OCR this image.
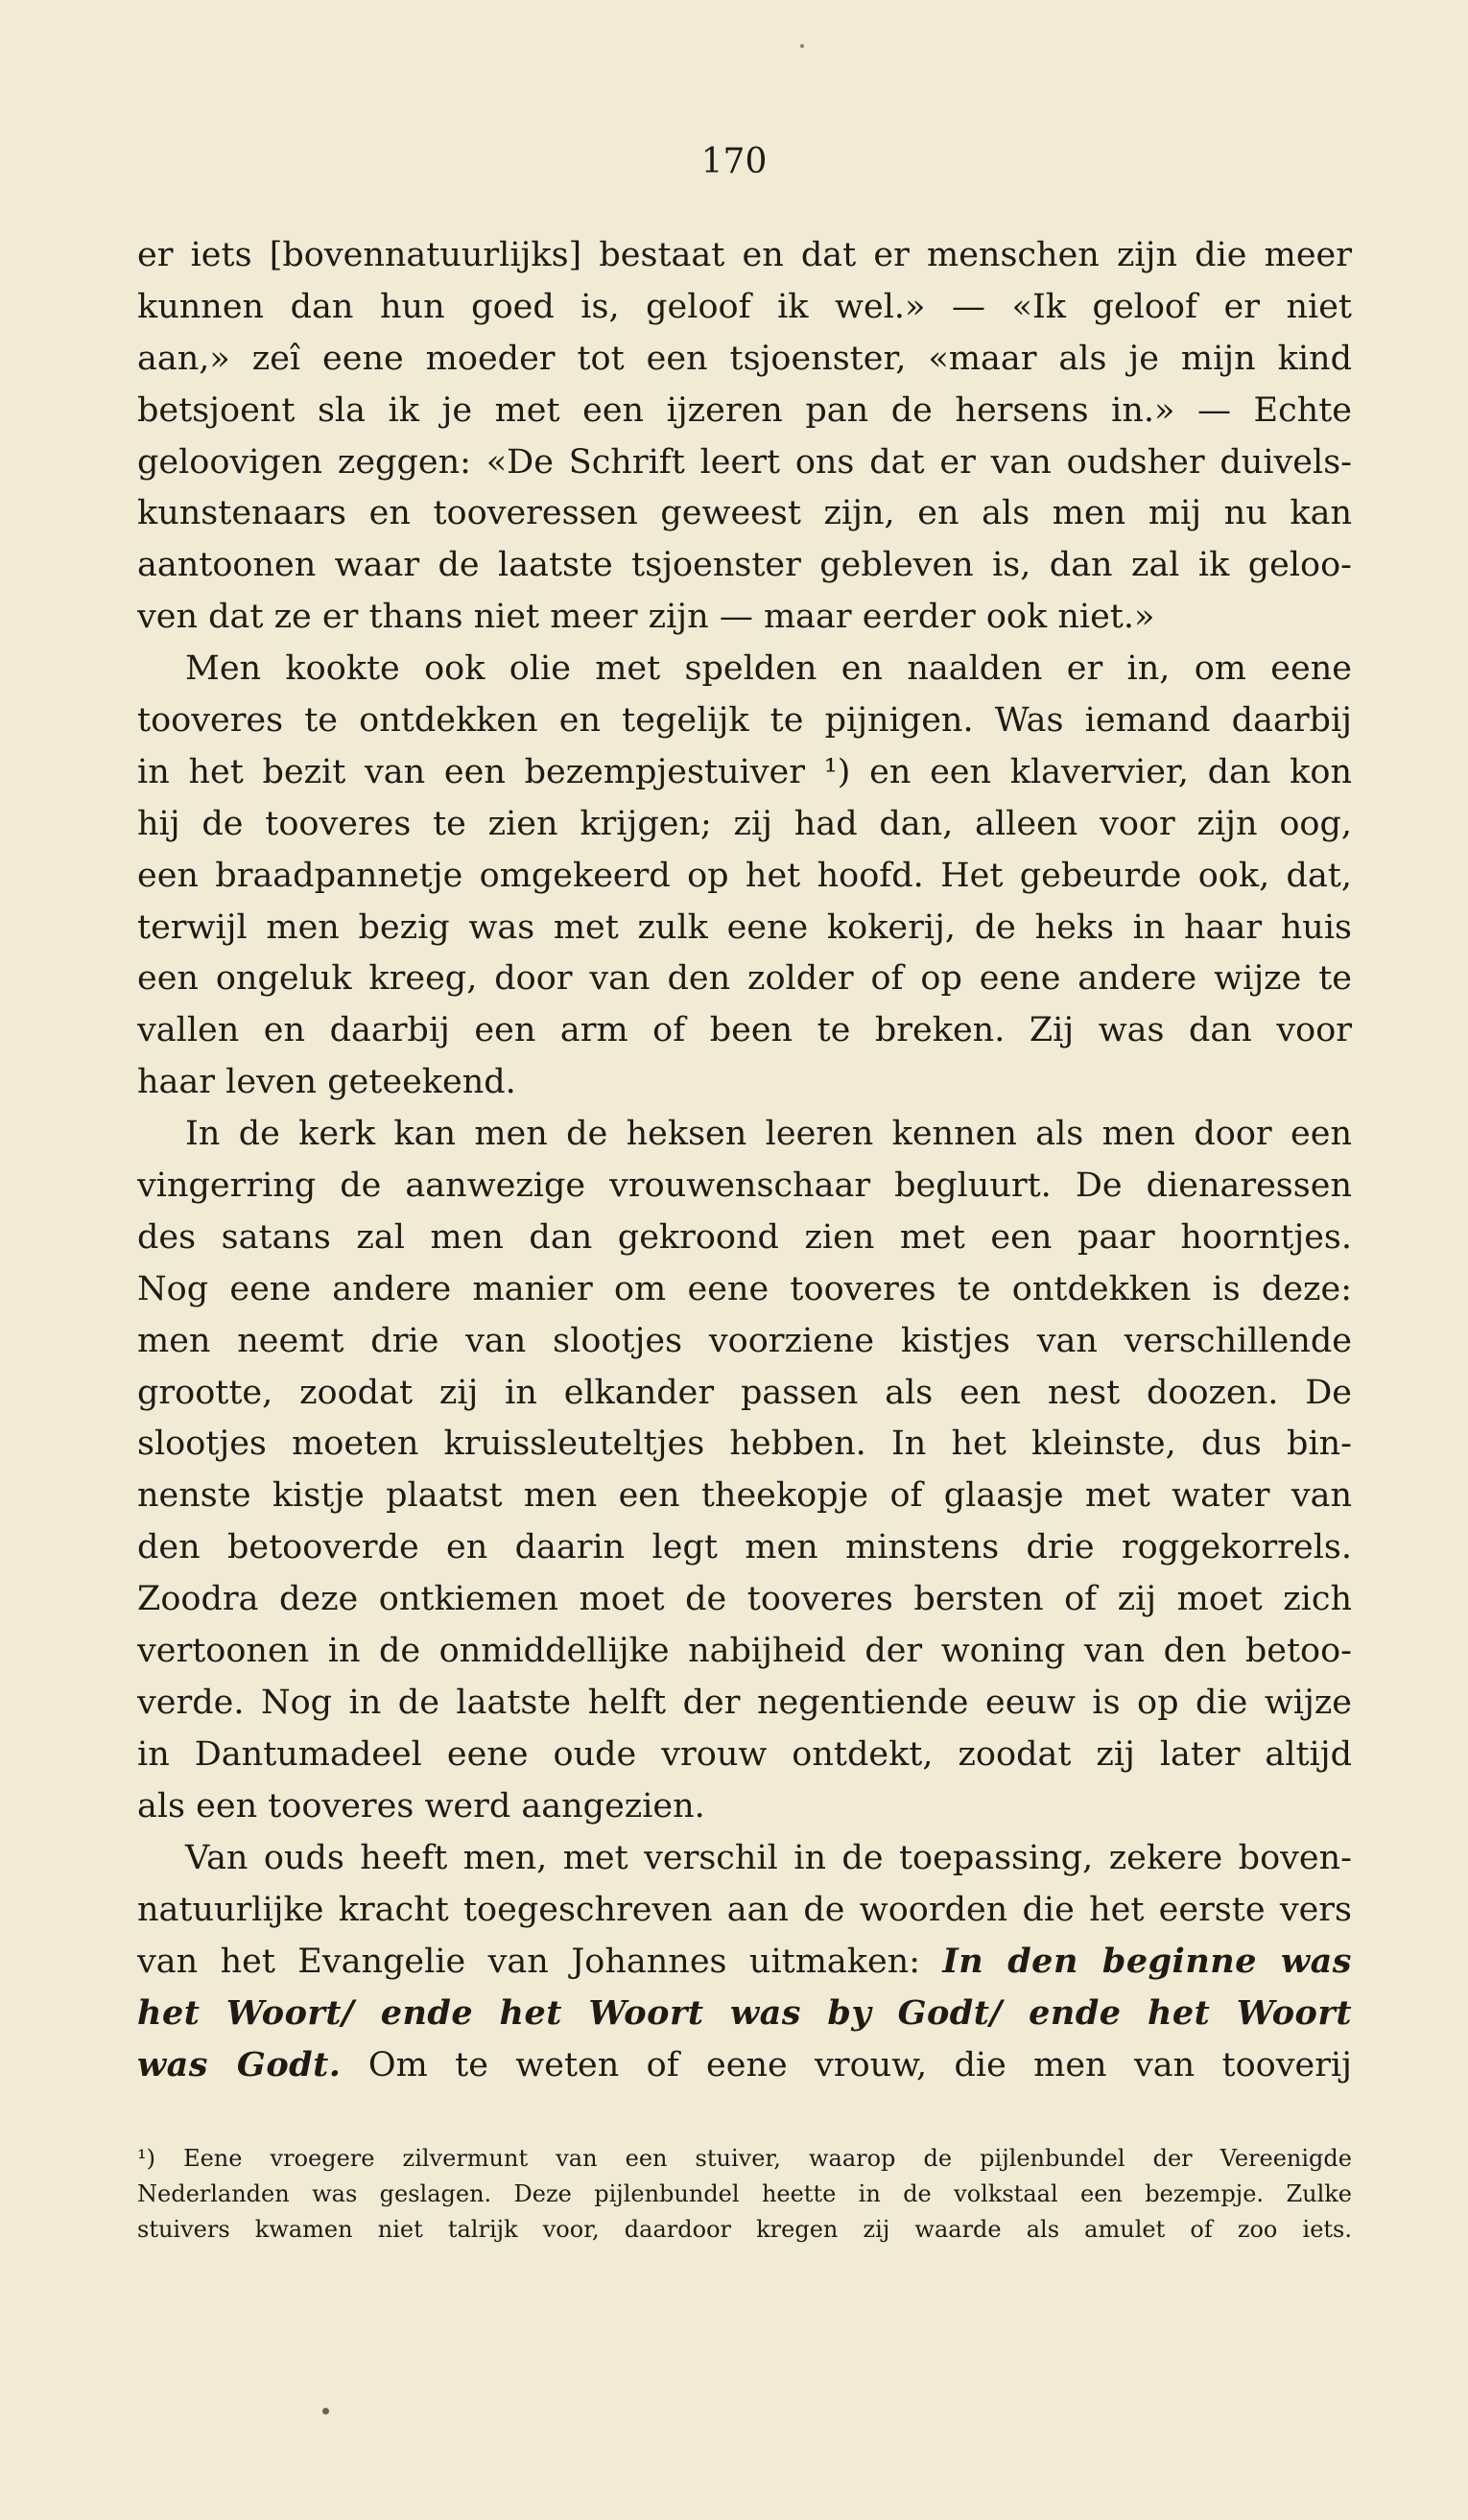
170
er iets [bovennatuurlijks] bestaat en dat er menschen zijn die meer
kunnen dan hun goed is, geloof ik wel.» — «Ik geloof er niet
aan,» zeî eene moeder tot een tsjoenster, «maar als je mijn kind
betsjoent sla ik je met een ijzeren pan de hersens in.» — Echte
geloovigen zeggen: «De Schrift leert ons dat er van oudsher duivels-
kunstenaars en tooveressen geweest zijn, en als men mij nu kan
aantoonen waar de laatste tsjoenster gebleven is, dan zal ik geloo-
ven dat ze er thans niet meer zijn — maar eerder ook niet.»
Men kookte ook olie met spelden en naalden er in, om eene
tooveres te ontdekken en tegelijk te pijnigen. Was iemand daarbij
in het bezit van een bezempjestuiver ¹) en een klavervier, dan kon
hij de tooveres te zien krijgen; zij had dan, alleen voor zijn oog,
een braadpannetje omgekeerd op het hoofd. Het gebeurde ook, dat,
terwijl men bezig was met zulk eene kokerij, de heks in haar huis
een ongeluk kreeg, door van den zolder of op eene andere wijze te
vallen en daarbij een arm of been te breken. Zij was dan voor
haar leven geteekend.
In de kerk kan men de heksen leeren kennen als men door een
vingerring de aanwezige vrouwenschaar begluurt. De dienaressen
des satans zal men dan gekroond zien met een paar hoorntjes.
Nog eene andere manier om eene tooveres te ontdekken is deze:
men neemt drie van slootjes voorziene kistjes van verschillende
grootte, zoodat zij in elkander passen als een nest doozen. De
slootjes moeten kruissleuteltjes hebben. In het kleinste, dus bin-
nenste kistje plaatst men een theekopje of glaasje met water van
den betooverde en daarin legt men minstens drie roggekorrels.
Zoodra deze ontkiemen moet de tooveres bersten of zij moet zich
vertoonen in de onmiddellijke nabijheid der woning van den betoo-
verde. Nog in de laatste helft der negentiende eeuw is op die wijze
in Dantumadeel eene oude vrouw ontdekt, zoodat zij later altijd
als een tooveres werd aangezien.
Van ouds heeft men, met verschil in de toepassing, zekere boven-
natuurlijke kracht toegeschreven aan de woorden die het eerste vers
van het Evangelie van Johannes uitmaken: In den beginne was
het Woort/ ende het Woort was by Godt/ ende het Woort
was Godt. Om te weten of eene vrouw, die men van tooverij
¹) Eene vroegere zilvermunt van een stuiver, waarop de pijlenbundel der Vereenigde
Nederlanden was geslagen. Deze pijlenbundel heette in de volkstaal een bezempje. Zulke
stuivers kwamen niet talrijk voor, daardoor kregen zij waarde als amulet of zoo iets.
